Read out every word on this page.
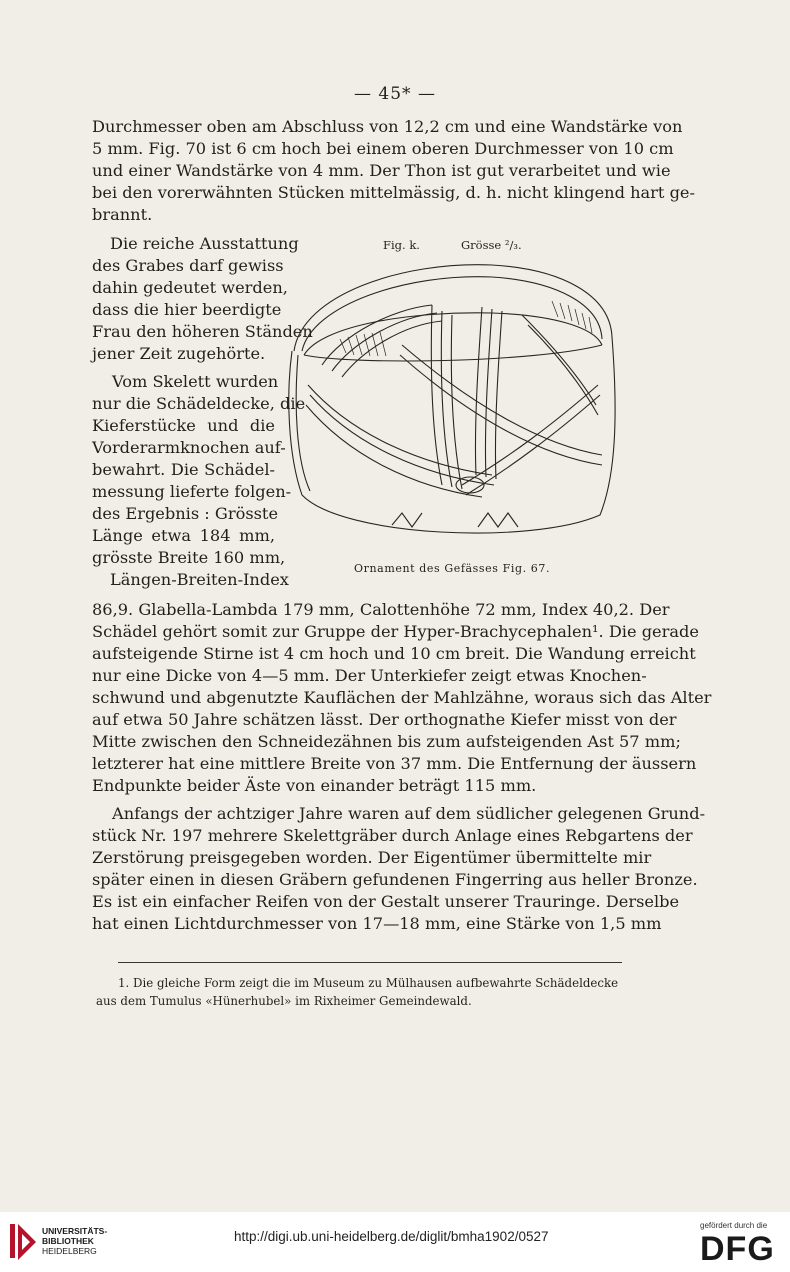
— 45* —
Durchmesser oben am Abschluss von 12,2 cm und eine Wandstärke von
5 mm. Fig. 70 ist 6 cm hoch bei einem oberen Durchmesser von 10 cm
und einer Wandstärke von 4 mm. Der Thon ist gut verarbeitet und wie
bei den vorerwähnten Stücken mittelmässig, d. h. nicht klingend hart ge-
brannt.
Die reiche Ausstattung
des Grabes darf gewiss
dahin gedeutet werden,
dass die hier beerdigte
Frau den höheren Ständen
jener Zeit zugehörte.
Vom Skelett wurden
nur die Schädeldecke, die
Kieferstücke und die
Vorderarmknochen auf-
bewahrt. Die Schädel-
messung lieferte folgen-
des Ergebnis : Grösste
Länge etwa 184 mm,
grösste Breite 160 mm,
Längen-Breiten-Index
Fig. k.	Grösse ²/₃.
Ornament des Gefässes Fig. 67.
86,9. Glabella-Lambda 179 mm, Calottenhöhe 72 mm, Index 40,2. Der
Schädel gehört somit zur Gruppe der Hyper-Brachycephalen¹. Die gerade
aufsteigende Stirne ist 4 cm hoch und 10 cm breit. Die Wandung erreicht
nur eine Dicke von 4—5 mm. Der Unterkiefer zeigt etwas Knochen-
schwund und abgenutzte Kauflächen der Mahlzähne, woraus sich das Alter
auf etwa 50 Jahre schätzen lässt. Der orthognathe Kiefer misst von der
Mitte zwischen den Schneidezähnen bis zum aufsteigenden Ast 57 mm;
letzterer hat eine mittlere Breite von 37 mm. Die Entfernung der äussern
Endpunkte beider Äste von einander beträgt 115 mm.
Anfangs der achtziger Jahre waren auf dem südlicher gelegenen Grund-
stück Nr. 197 mehrere Skelettgräber durch Anlage eines Rebgartens der
Zerstörung preisgegeben worden. Der Eigentümer übermittelte mir
später einen in diesen Gräbern gefundenen Fingerring aus heller Bronze.
Es ist ein einfacher Reifen von der Gestalt unserer Trauringe. Derselbe
hat einen Lichtdurchmesser von 17—18 mm, eine Stärke von 1,5 mm
1. Die gleiche Form zeigt die im Museum zu Mülhausen aufbewahrte Schädeldecke
aus dem Tumulus «Hünerhubel» im Rixheimer Gemeindewald.
UNIVERSITÄTS-
BIBLIOTHEK
HEIDELBERG
http://digi.ub.uni-heidelberg.de/diglit/bmha1902/0527
gefördert durch die
DFG
